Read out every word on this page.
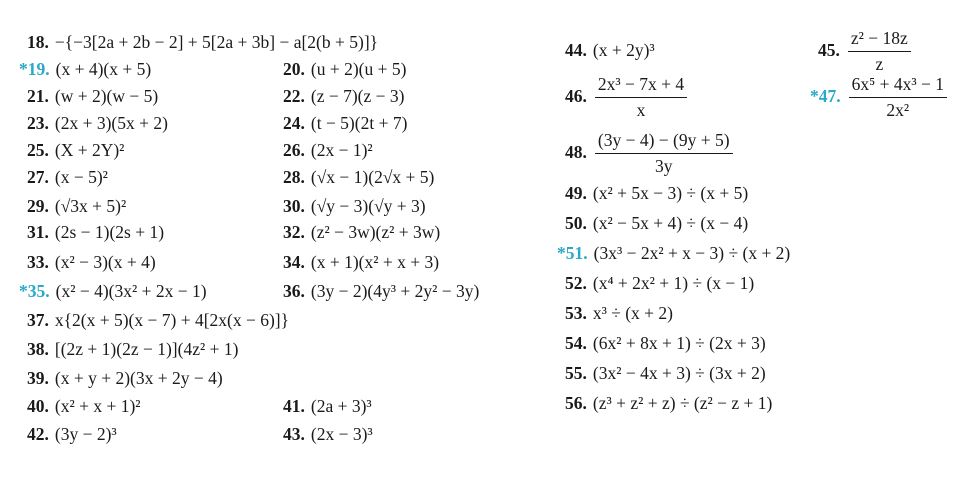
18. −{−3[2a + 2b − 2] + 5[2a + 3b] − a[2(b + 5)]}
*19. (x + 4)(x + 5)
21. (w + 2)(w − 5)
23. (2x + 3)(5x + 2)
25. (X + 2Y)²
27. (x − 5)²
29. (√3x + 5)²
31. (2s − 1)(2s + 1)
33. (x² − 3)(x + 4)
*35. (x² − 4)(3x² + 2x − 1)
37. x{2(x + 5)(x − 7) + 4[2x(x − 6)]}
38. [(2z + 1)(2z − 1)](4z² + 1)
39. (x + y + 2)(3x + 2y − 4)
40. (x² + x + 1)²
42. (3y − 2)³
20. (u + 2)(u + 5)
22. (z − 7)(z − 3)
24. (t − 5)(2t + 7)
26. (2x − 1)²
28. (√x − 1)(2√x + 5)
30. (√y − 3)(√y + 3)
32. (z² − 3w)(z² + 3w)
34. (x + 1)(x² + x + 3)
36. (3y − 2)(4y³ + 2y² − 3y)
41. (2a + 3)³
43. (2x − 3)³
44. (x + 2y)³
46. $\frac{\text{2x³ − 7x + 4}}{x}$
48. $\frac{(3y - 4) - (9y + 5)}{3y}$
49. (x² + 5x − 3) ÷ (x + 5)
50. (x² − 5x + 4) ÷ (x − 4)
*51. (3x³ − 2x² + x − 3) ÷ (x + 2)
52. (x⁴ + 2x² + 1) ÷ (x − 1)
53. x³ ÷ (x + 2)
54. (6x² + 8x + 1) ÷ (2x + 3)
55. (3x² − 4x + 3) ÷ (3x + 2)
56. (z³ + z² + z) ÷ (z² − z + 1)
45. $\frac{\text{z² − 18z}}{z}$
*47. $\frac{\text{6x⁵ + 4x³ − 1}}{\text{2x²}}$
